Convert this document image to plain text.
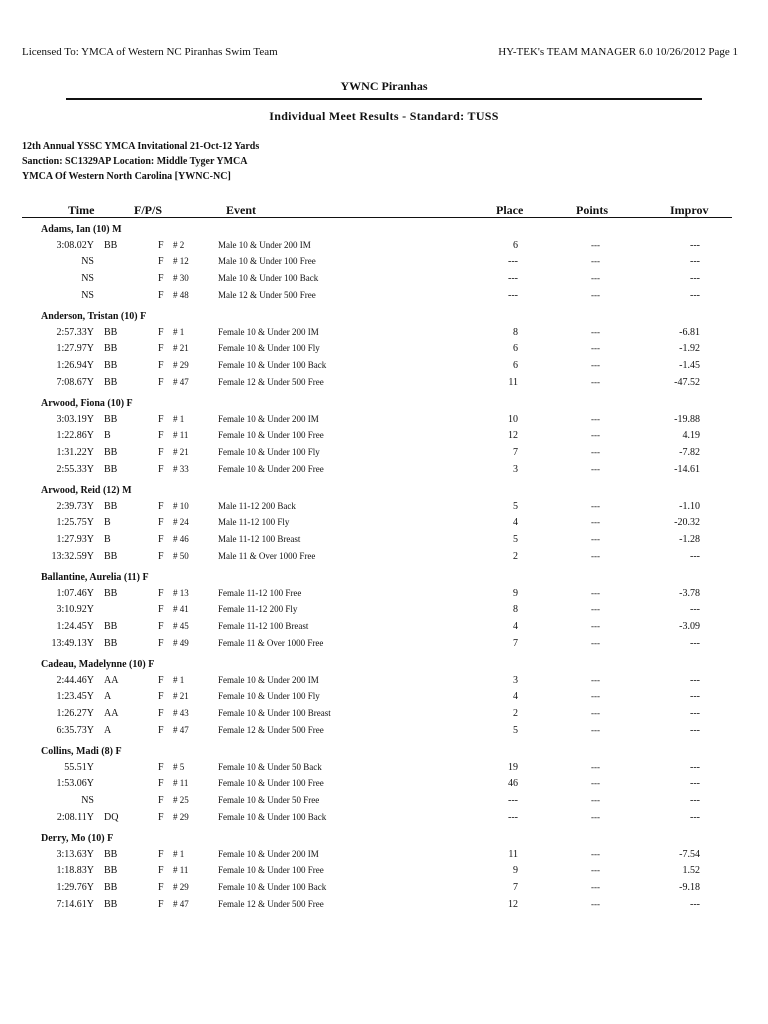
Licensed To: YMCA of Western NC Piranhas Swim Team	HY-TEK's TEAM MANAGER 6.0 10/26/2012 Page 1
YWNC Piranhas
Individual Meet Results - Standard: TUSS
12th Annual YSSC YMCA Invitational 21-Oct-12 Yards
Sanction: SC1329AP Location: Middle Tyger YMCA
YMCA Of Western North Carolina [YWNC-NC]
Time	F/P/S	Event	Place	Points	Improv
Adams, Ian (10) M
3:08.02Y BB	F # 2	Male 10 & Under 200 IM	6	---	---
NS	F # 12	Male 10 & Under 100 Free	---	---	---
NS	F # 30	Male 10 & Under 100 Back	---	---	---
NS	F # 48	Male 12 & Under 500 Free	---	---	---
Anderson, Tristan (10) F
2:57.33Y BB	F # 1	Female 10 & Under 200 IM	8	---	-6.81
1:27.97Y BB	F # 21	Female 10 & Under 100 Fly	6	---	-1.92
1:26.94Y BB	F # 29	Female 10 & Under 100 Back	6	---	-1.45
7:08.67Y BB	F # 47	Female 12 & Under 500 Free	11	---	-47.52
Arwood, Fiona (10) F
3:03.19Y BB	F # 1	Female 10 & Under 200 IM	10	---	-19.88
1:22.86Y B	F # 11	Female 10 & Under 100 Free	12	---	4.19
1:31.22Y BB	F # 21	Female 10 & Under 100 Fly	7	---	-7.82
2:55.33Y BB	F # 33	Female 10 & Under 200 Free	3	---	-14.61
Arwood, Reid (12) M
2:39.73Y BB	F # 10	Male 11-12 200 Back	5	---	-1.10
1:25.75Y B	F # 24	Male 11-12 100 Fly	4	---	-20.32
1:27.93Y B	F # 46	Male 11-12 100 Breast	5	---	-1.28
13:32.59Y BB	F # 50	Male 11 & Over 1000 Free	2	---	---
Ballantine, Aurelia (11) F
1:07.46Y BB	F # 13	Female 11-12 100 Free	9	---	-3.78
3:10.92Y	F # 41	Female 11-12 200 Fly	8	---	---
1:24.45Y BB	F # 45	Female 11-12 100 Breast	4	---	-3.09
13:49.13Y BB	F # 49	Female 11 & Over 1000 Free	7	---	---
Cadeau, Madelynne (10) F
2:44.46Y AA	F # 1	Female 10 & Under 200 IM	3	---	---
1:23.45Y A	F # 21	Female 10 & Under 100 Fly	4	---	---
1:26.27Y AA	F # 43	Female 10 & Under 100 Breast	2	---	---
6:35.73Y A	F # 47	Female 12 & Under 500 Free	5	---	---
Collins, Madi (8) F
55.51Y	F # 5	Female 10 & Under 50 Back	19	---	---
1:53.06Y	F # 11	Female 10 & Under 100 Free	46	---	---
NS	F # 25	Female 10 & Under 50 Free	---	---	---
2:08.11Y DQ	F # 29	Female 10 & Under 100 Back	---	---	---
Derry, Mo (10) F
3:13.63Y BB	F # 1	Female 10 & Under 200 IM	11	---	-7.54
1:18.83Y BB	F # 11	Female 10 & Under 100 Free	9	---	1.52
1:29.76Y BB	F # 29	Female 10 & Under 100 Back	7	---	-9.18
7:14.61Y BB	F # 47	Female 12 & Under 500 Free	12	---	---
